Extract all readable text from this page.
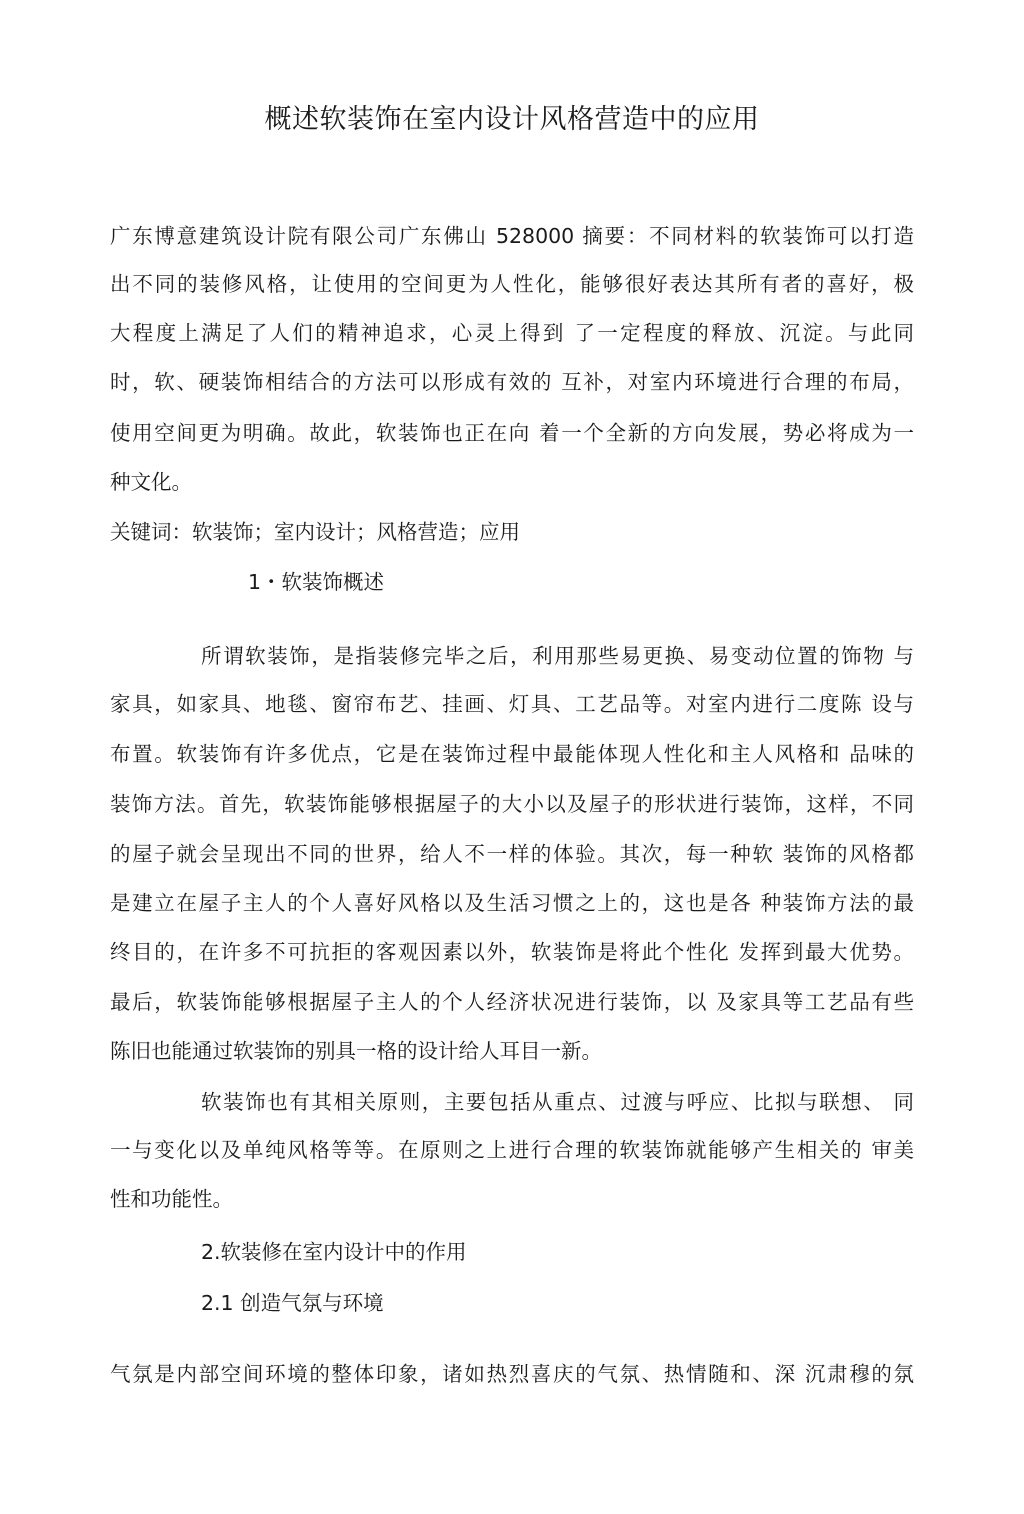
概述软装饰在室内设计风格营造中的应用
广东博意建筑设计院有限公司广东佛山 528000 摘要：不同材料的软装饰可以打造
出不同的装修风格，让使用的空间更为人性化，能够很好表达其所有者的喜好，极
大程度上满足了人们的精神追求，心灵上得到 了一定程度的释放、沉淀。与此同
时，软、硬装饰相结合的方法可以形成有效的 互补，对室内环境进行合理的布局，
使用空间更为明确。故此，软装饰也正在向 着一个全新的方向发展，势必将成为一
种文化。
关键词：软装饰；室内设计；风格营造；应用
1・软装饰概述
所谓软装饰，是指装修完毕之后，利用那些易更换、易变动位置的饰物 与
家具，如家具、地毯、窗帘布艺、挂画、灯具、工艺品等。对室内进行二度陈 设与
布置。软装饰有许多优点，它是在装饰过程中最能体现人性化和主人风格和 品味的
装饰方法。首先，软装饰能够根据屋子的大小以及屋子的形状进行装饰，这样，不同
的屋子就会呈现出不同的世界，给人不一样的体验。其次，每一种软 装饰的风格都
是建立在屋子主人的个人喜好风格以及生活习惯之上的，这也是各 种装饰方法的最
终目的，在许多不可抗拒的客观因素以外，软装饰是将此个性化 发挥到最大优势。
最后，软装饰能够根据屋子主人的个人经济状况进行装饰，以 及家具等工艺品有些
陈旧也能通过软装饰的别具一格的设计给人耳目一新。
软装饰也有其相关原则，主要包括从重点、过渡与呼应、比拟与联想、 同
一与变化以及单纯风格等等。在原则之上进行合理的软装饰就能够产生相关的 审美
性和功能性。
2.软装修在室内设计中的作用
2.1 创造气氛与环境
气氛是内部空间环境的整体印象，诸如热烈喜庆的气氛、热情随和、深 沉肃穆的氛
